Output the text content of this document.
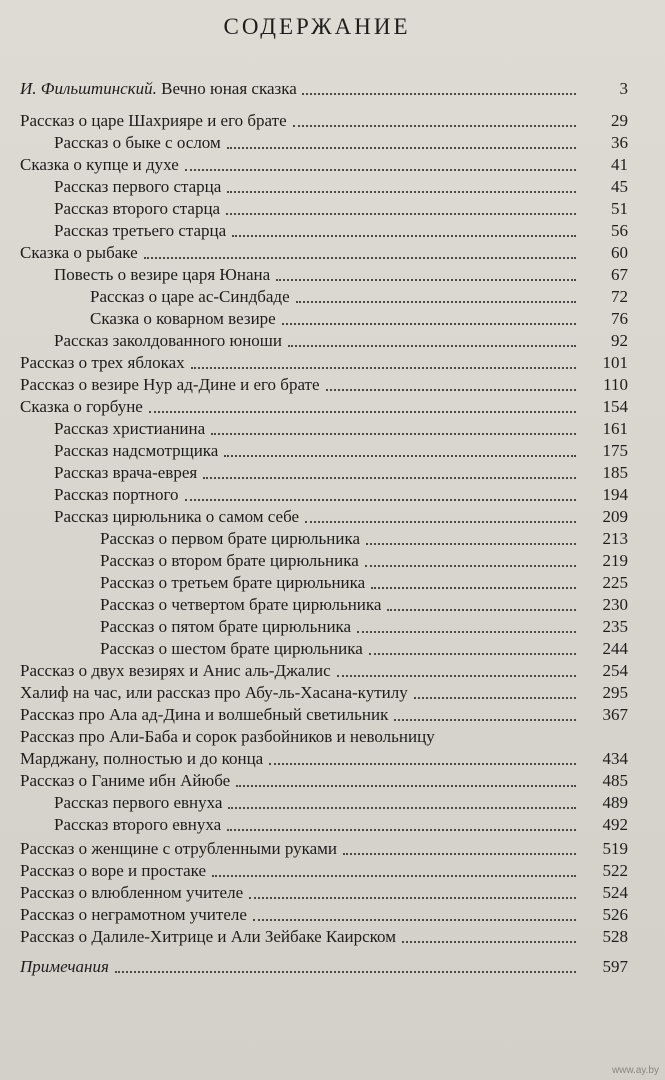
СОДЕРЖАНИЕ
И. Фильштинский. Вечно юная сказка	3
Рассказ о царе Шахрияре и его брате	29
Рассказ о быке с ослом	36
Сказка о купце и духе	41
Рассказ первого старца	45
Рассказ второго старца	51
Рассказ третьего старца	56
Сказка о рыбаке	60
Повесть о везире царя Юнана	67
Рассказ о царе ас-Синдбаде	72
Сказка о коварном везире	76
Рассказ заколдованного юноши	92
Рассказ о трех яблоках	101
Рассказ о везире Нур ад-Дине и его брате	110
Сказка о горбуне	154
Рассказ христианина	161
Рассказ надсмотрщика	175
Рассказ врача-еврея	185
Рассказ портного	194
Рассказ цирюльника о самом себе	209
Рассказ о первом брате цирюльника	213
Рассказ о втором брате цирюльника	219
Рассказ о третьем брате цирюльника	225
Рассказ о четвертом брате цирюльника	230
Рассказ о пятом брате цирюльника	235
Рассказ о шестом брате цирюльника	244
Рассказ о двух везирях и Анис аль-Джалис	254
Халиф на час, или рассказ про Абу-ль-Хасана-кутилу	295
Рассказ про Ала ад-Дина и волшебный светильник	367
Рассказ про Али-Баба и сорок разбойников и невольницу
Марджану, полностью и до конца	434
Рассказ о Ганиме ибн Айюбе	485
Рассказ первого евнуха	489
Рассказ второго евнуха	492
Рассказ о женщине с отрубленными руками	519
Рассказ о воре и простаке	522
Рассказ о влюбленном учителе	524
Рассказ о неграмотном учителе	526
Рассказ о Далиле-Хитрице и Али Зейбаке Каирском	528
Примечания	597
www.ay.by
